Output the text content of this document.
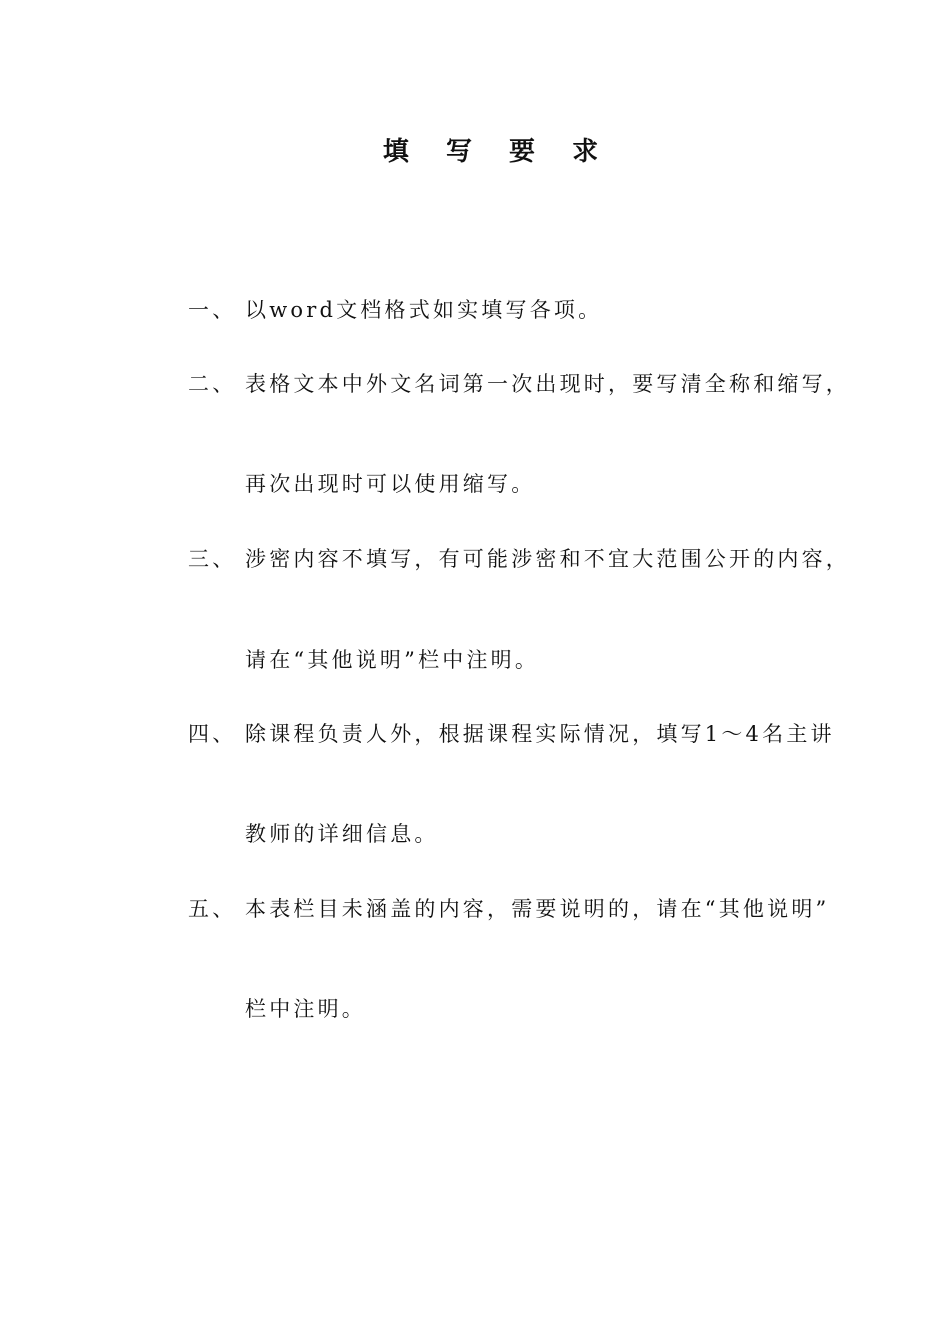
填 写 要 求
一、 以word文档格式如实填写各项。
二、 表格文本中外文名词第一次出现时，要写清全称和缩写，
再次出现时可以使用缩写。
三、 涉密内容不填写，有可能涉密和不宜大范围公开的内容，
请在“其他说明”栏中注明。
四、 除课程负责人外，根据课程实际情况，填写1～4名主讲
教师的详细信息。
五、 本表栏目未涵盖的内容，需要说明的，请在“其他说明”
栏中注明。
